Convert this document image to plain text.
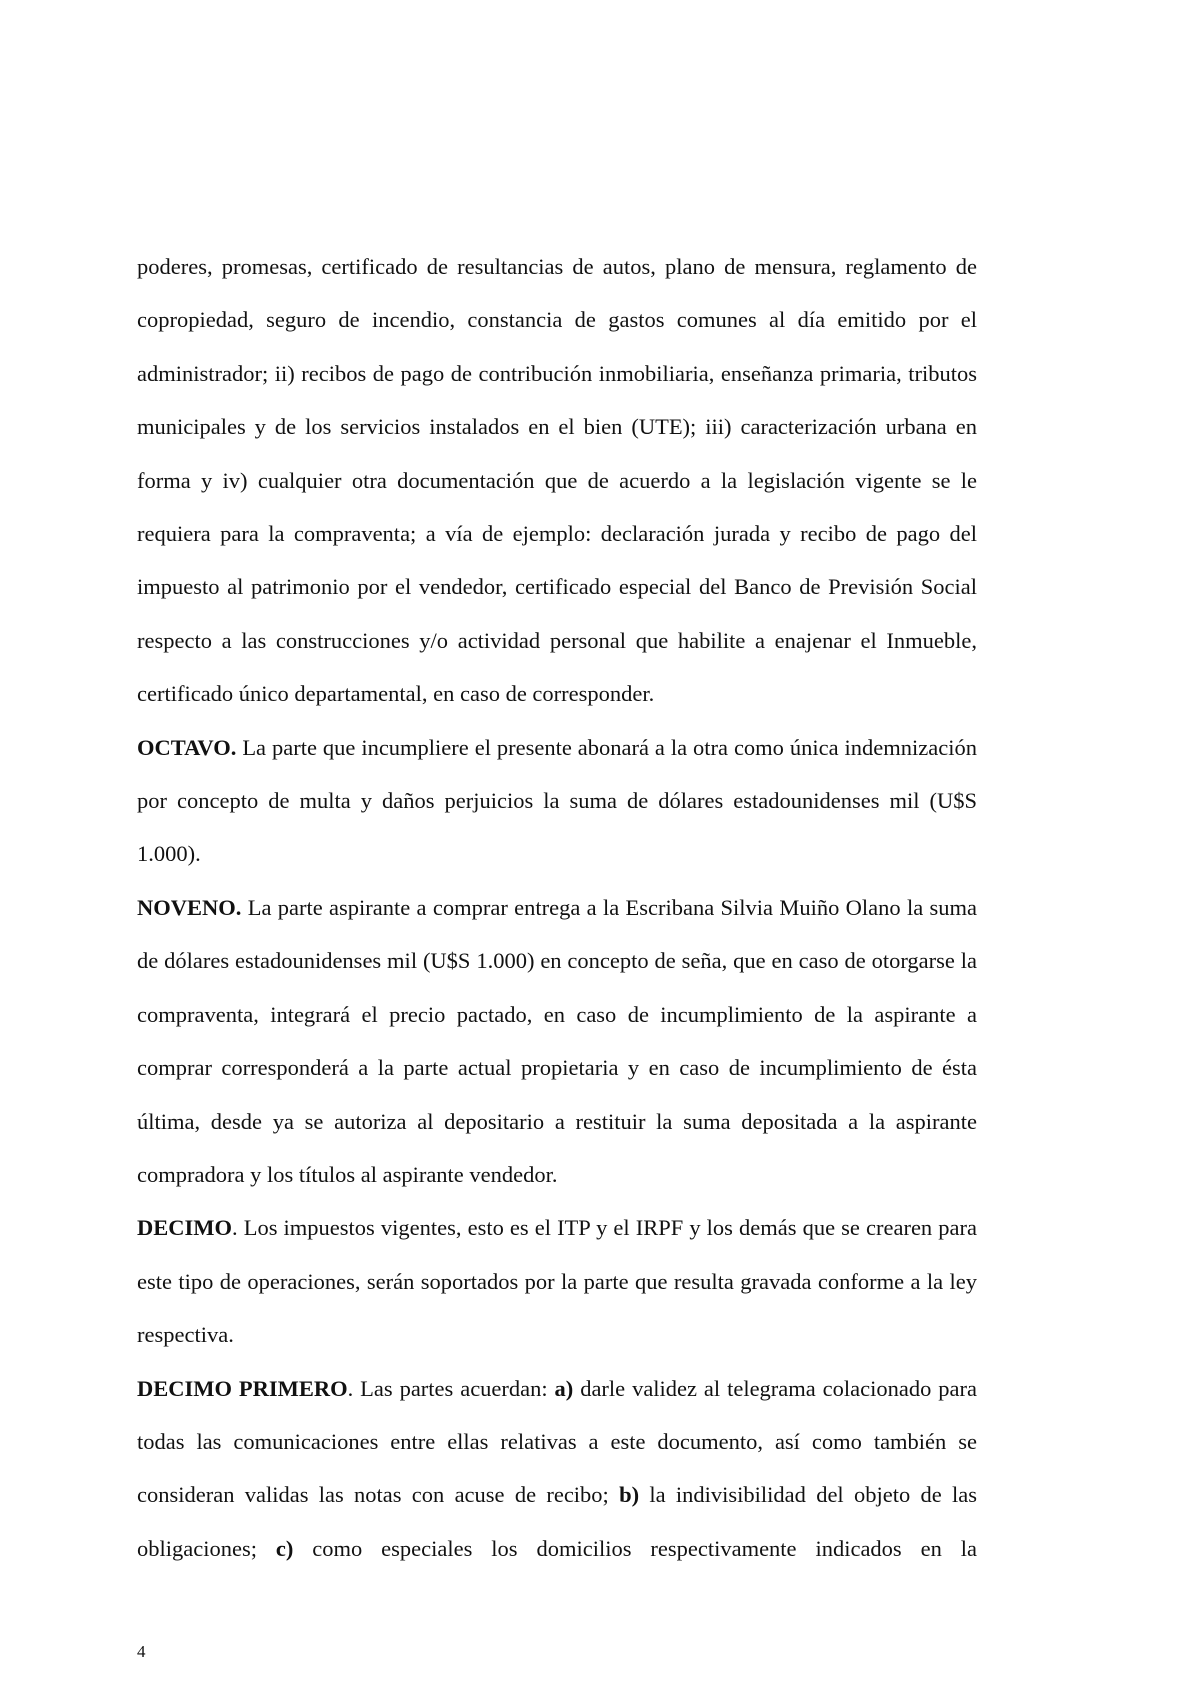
poderes, promesas, certificado de resultancias de autos, plano de mensura, reglamento de copropiedad, seguro de incendio, constancia de gastos comunes al día emitido por el administrador; ii) recibos de pago de contribución inmobiliaria, enseñanza primaria, tributos municipales y de los servicios instalados en el bien (UTE); iii) caracterización urbana en forma y iv) cualquier otra documentación que de acuerdo a la legislación vigente se le requiera para la compraventa; a vía de ejemplo: declaración jurada y recibo de pago del impuesto al patrimonio por el vendedor, certificado especial del Banco de Previsión Social respecto a las construcciones y/o actividad personal que habilite a enajenar el Inmueble, certificado único departamental, en caso de corresponder.

OCTAVO. La parte que incumpliere el presente abonará a la otra como única indemnización por concepto de multa y daños perjuicios la suma de dólares estadounidenses mil (U$S 1.000).

NOVENO. La parte aspirante a comprar entrega a la Escribana Silvia Muiño Olano la suma de dólares estadounidenses mil (U$S 1.000) en concepto de seña, que en caso de otorgarse la compraventa, integrará el precio pactado, en caso de incumplimiento de la aspirante a comprar corresponderá a la parte actual propietaria y en caso de incumplimiento de ésta última, desde ya se autoriza al depositario a restituir la suma depositada a la aspirante compradora y los títulos al aspirante vendedor.

DECIMO. Los impuestos vigentes, esto es el ITP y el IRPF y los demás que se crearen para este tipo de operaciones, serán soportados por la parte que resulta gravada conforme a la ley respectiva.

DECIMO PRIMERO. Las partes acuerdan: a) darle validez al telegrama colacionado para todas las comunicaciones entre ellas relativas a este documento, así como también se consideran validas las notas con acuse de recibo; b) la indivisibilidad del objeto de las obligaciones; c) como especiales los domicilios respectivamente indicados en la

4
